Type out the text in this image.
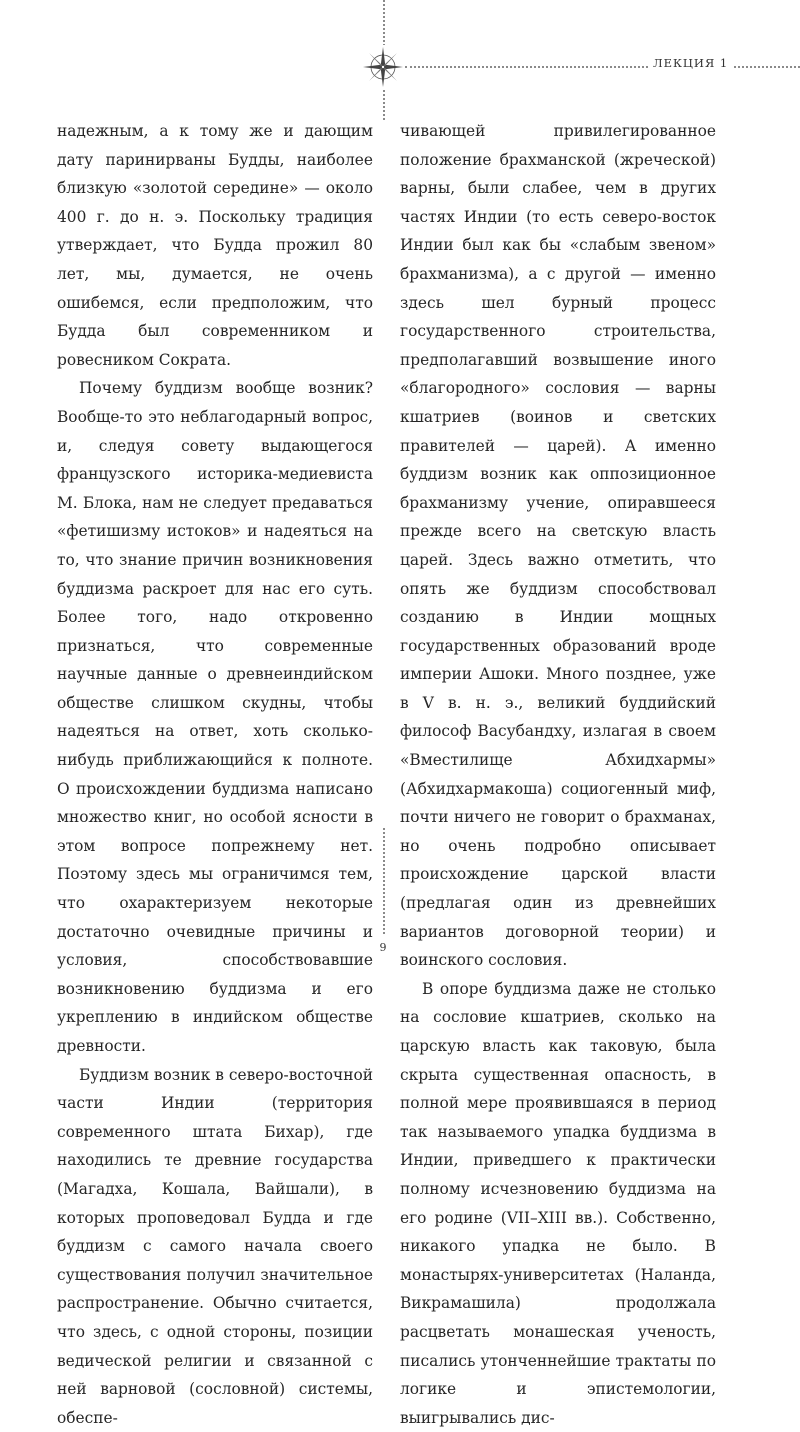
ЛЕКЦИЯ 1

надежным, а к тому же и дающим дату паринирваны Будды, наиболее близкую «золотой середине» — около 400 г. до н. э. Поскольку традиция утверждает, что Будда прожил 80 лет, мы, думается, не очень ошибемся, если предположим, что Будда был современником и ровесником Сократа.

Почему буддизм вообще возник? Вообще-то это неблагодарный вопрос, и, следуя совету выдающегося французского историка-медиевиста М. Блока, нам не следует предаваться «фетишизму истоков» и надеяться на то, что знание причин возникновения буддизма раскроет для нас его суть. Более того, надо откровенно признаться, что современные научные данные о древнеиндийском обществе слишком скудны, чтобы надеяться на ответ, хоть сколько-нибудь приближающийся к полноте. О происхождении буддизма написано множество книг, но особой ясности в этом вопросе попрежнему нет. Поэтому здесь мы ограничимся тем, что охарактеризуем некоторые достаточно очевидные причины и условия, способствовавшие возникновению буддизма и его укреплению в индийском обществе древности.

Буддизм возник в северо-восточной части Индии (территория современного штата Бихар), где находились те древние государства (Магадха, Кошала, Вайшали), в которых проповедовал Будда и где буддизм с самого начала своего существования получил значительное распространение. Обычно считается, что здесь, с одной стороны, позиции ведической религии и связанной с ней варновой (сословной) системы, обеспе-

чивающей привилегированное положение брахманской (жреческой) варны, были слабее, чем в других частях Индии (то есть северо-восток Индии был как бы «слабым звеном» брахманизма), а с другой — именно здесь шел бурный процесс государственного строительства, предполагавший возвышение иного «благородного» сословия — варны кшатриев (воинов и светских правителей — царей). А именно буддизм возник как оппозиционное брахманизму учение, опиравшееся прежде всего на светскую власть царей. Здесь важно отметить, что опять же буддизм способствовал созданию в Индии мощных государственных образований вроде империи Ашоки. Много позднее, уже в V в. н. э., великий буддийский философ Васубандху, излагая в своем «Вместилище Абхидхармы» (Абхидхармакоша) социогенный миф, почти ничего не говорит о брахманах, но очень подробно описывает происхождение царской власти (предлагая один из древнейших вариантов договорной теории) и воинского сословия.

В опоре буддизма даже не столько на сословие кшатриев, сколько на царскую власть как таковую, была скрыта существенная опасность, в полной мере проявившаяся в период так называемого упадка буддизма в Индии, приведшего к практически полному исчезновению буддизма на его родине (VII–XIII вв.). Собственно, никакого упадка не было. В монастырях-университетах (Наланда, Викрамашила) продолжала расцветать монашеская ученость, писались утонченнейшие трактаты по логике и эпистемологии, выигрывались дис-

9
